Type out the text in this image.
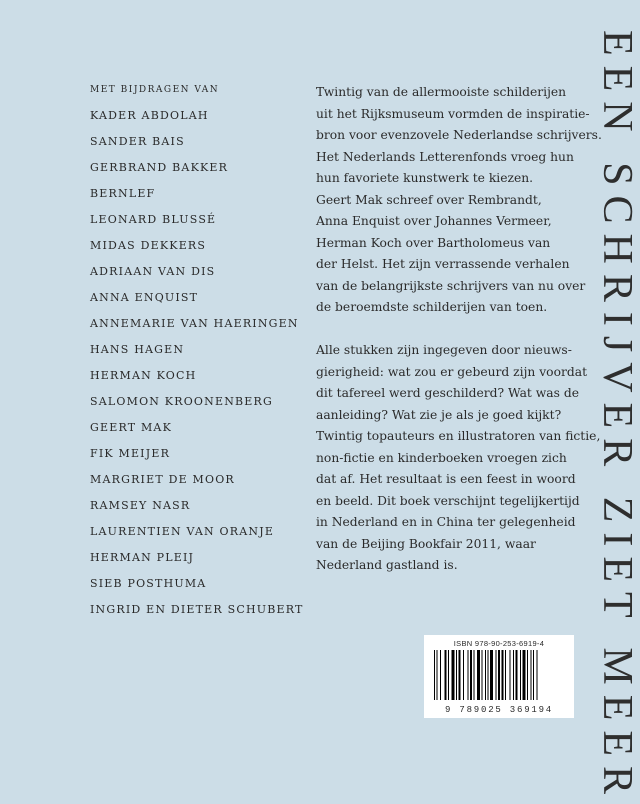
MET BIJDRAGEN VAN
KADER ABDOLAH
SANDER BAIS
GERBRAND BAKKER
BERNLEF
LEONARD BLUSSÉ
MIDAS DEKKERS
ADRIAAN VAN DIS
ANNA ENQUIST
ANNEMARIE VAN HAERINGEN
HANS HAGEN
HERMAN KOCH
SALOMON KROONENBERG
GEERT MAK
FIK MEIJER
MARGRIET DE MOOR
RAMSEY NASR
LAURENTIEN VAN ORANJE
HERMAN PLEIJ
SIEB POSTHUMA
INGRID EN DIETER SCHUBERT

Twintig van de allermooiste schilderijen
uit het Rijksmuseum vormden de inspiratie-
bron voor evenzovele Nederlandse schrijvers.
Het Nederlands Letterenfonds vroeg hun
hun favoriete kunstwerk te kiezen.
Geert Mak schreef over Rembrandt,
Anna Enquist over Johannes Vermeer,
Herman Koch over Bartholomeus van
der Helst. Het zijn verrassende verhalen
van de belangrijkste schrijvers van nu over
de beroemdste schilderijen van toen.

Alle stukken zijn ingegeven door nieuws-
gierigheid: wat zou er gebeurd zijn voordat
dit tafereel werd geschilderd? Wat was de
aanleiding? Wat zie je als je goed kijkt?
Twintig topauteurs en illustratoren van fictie,
non-fictie en kinderboeken vroegen zich
dat af. Het resultaat is een feest in woord
en beeld. Dit boek verschijnt tegelijkertijd
in Nederland en in China ter gelegenheid
van de Beijing Bookfair 2011, waar
Nederland gastland is.

ISBN 978-90-253-6919-4
9 789025 369194 EEN SCHRIJVER ZIET MEER
